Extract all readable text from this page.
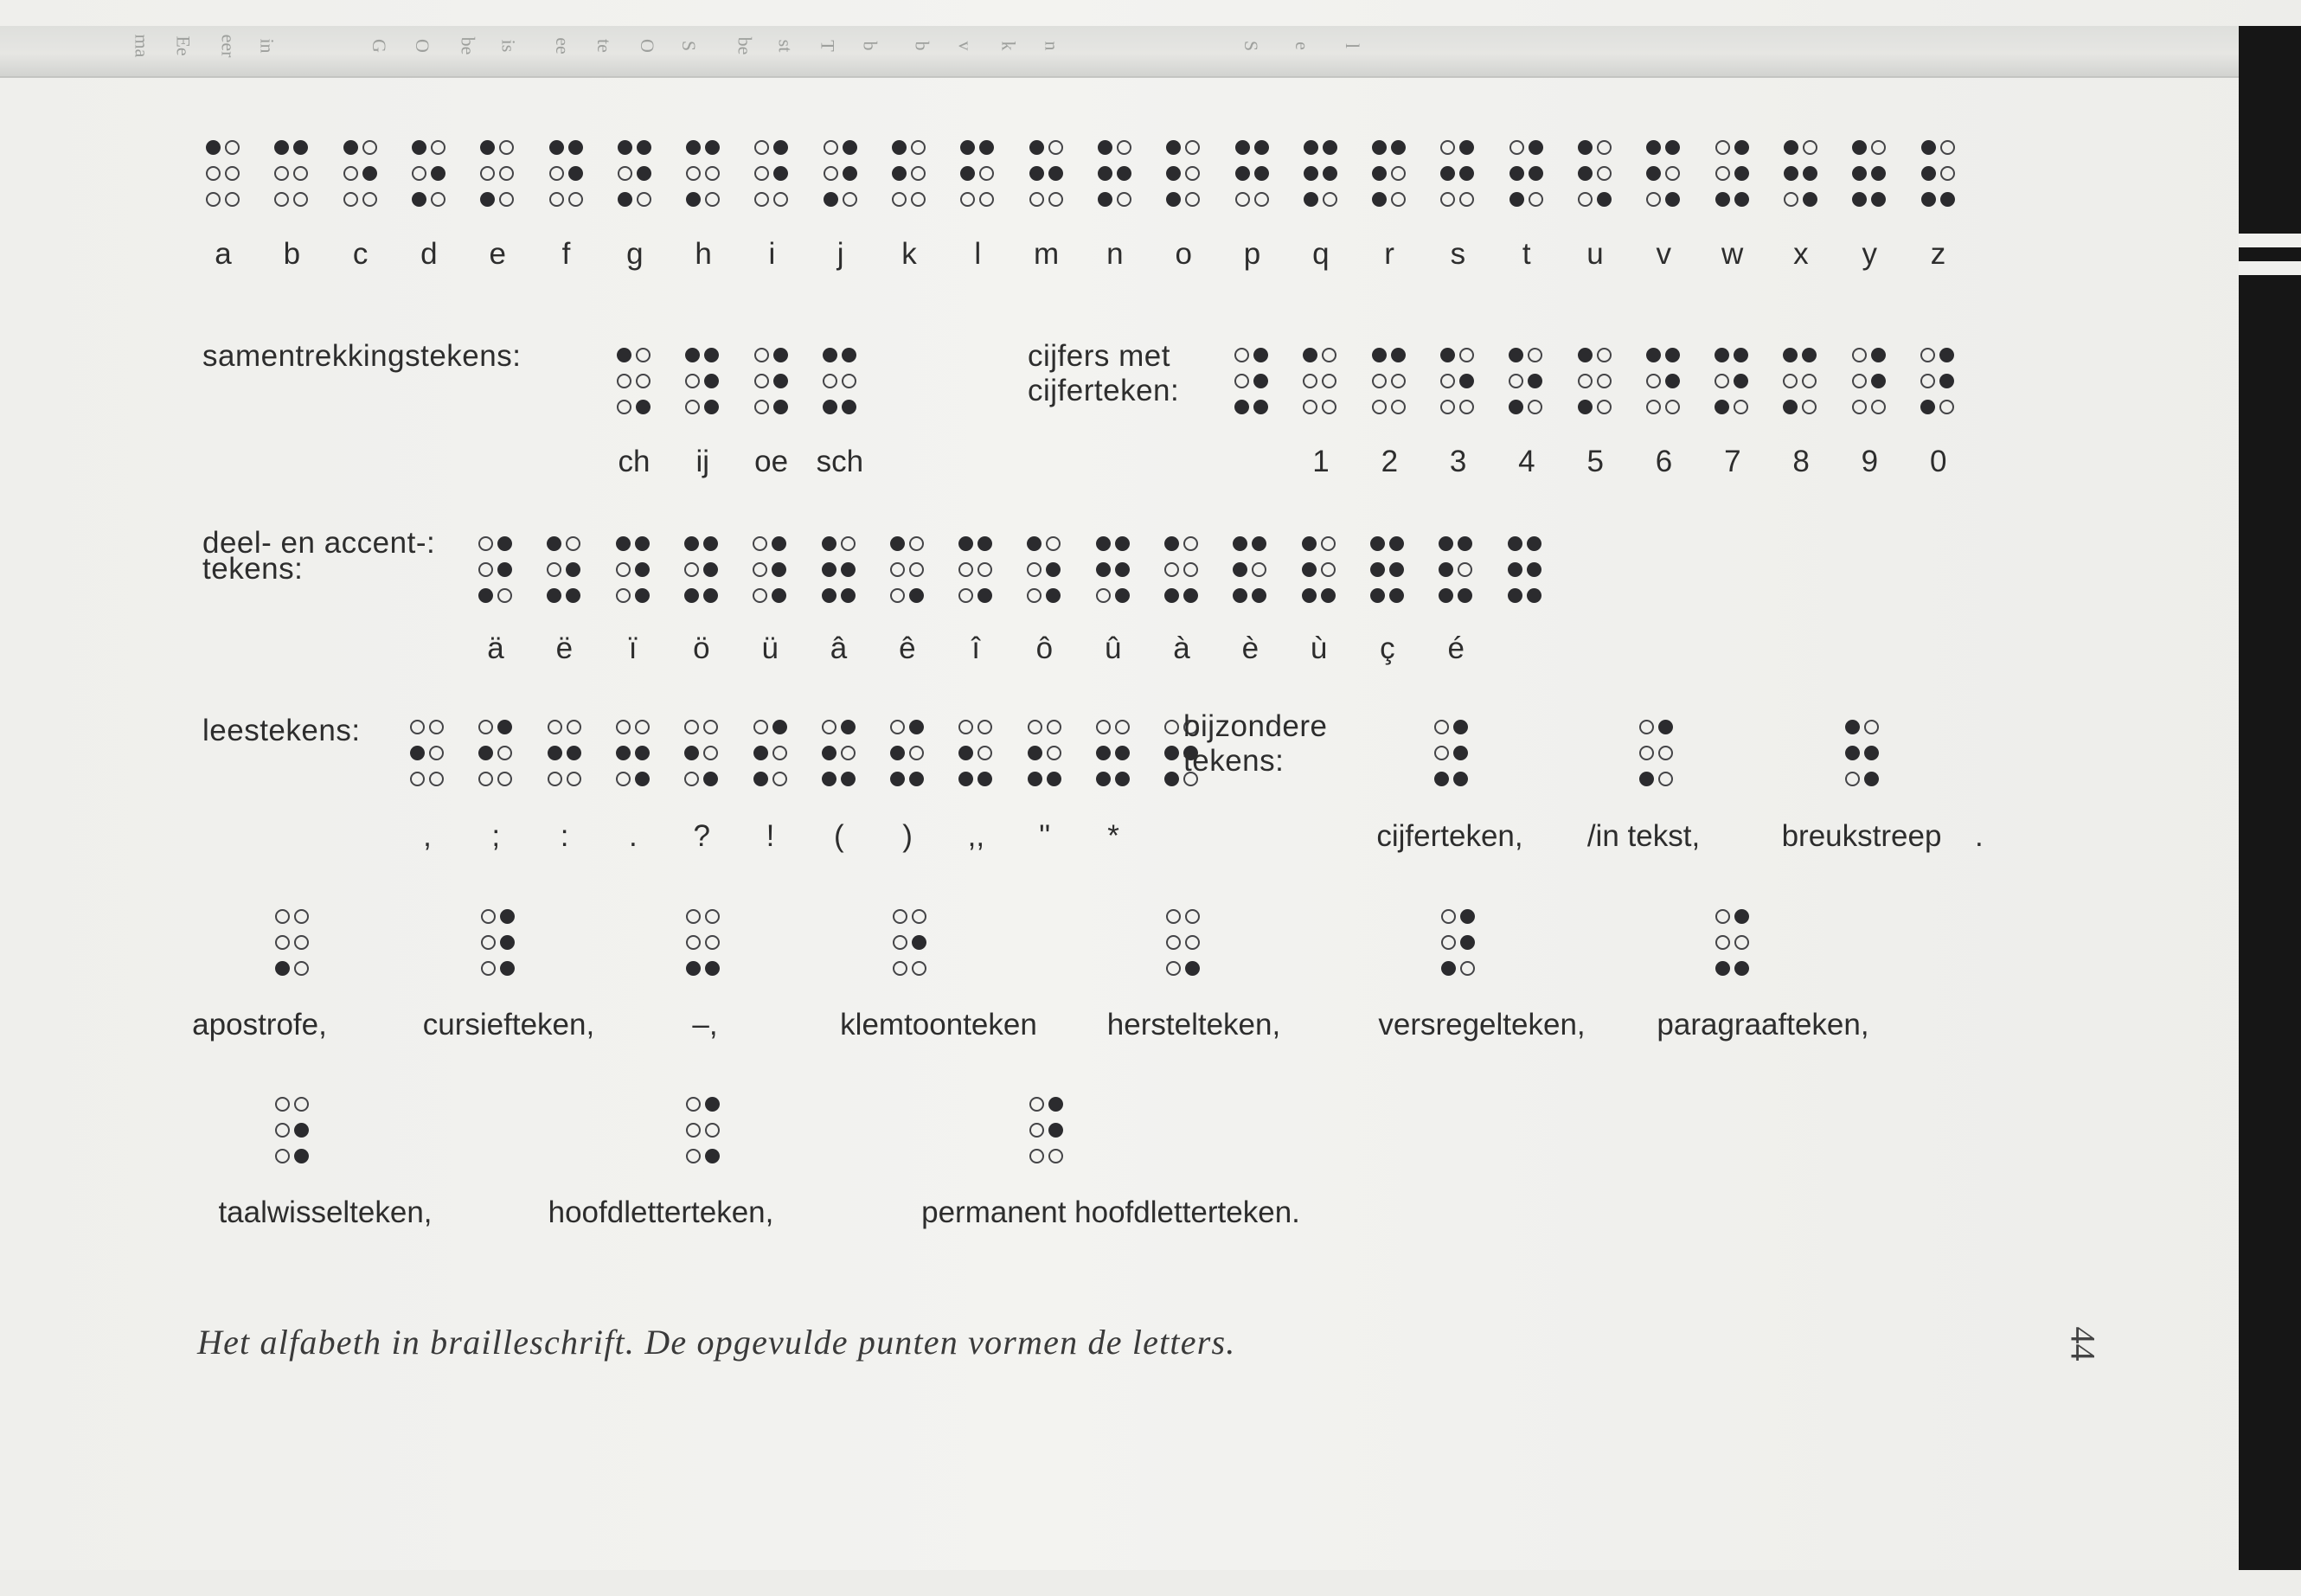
ma Ee eer in	G O be is ee te O S be st T b b v k n	S e l
a b c d e f g h i j k l m n o p q r s t u v w x y z
samentrekkingstekens:
ch ij oe sch
cijfers met
cijferteken:
1 2 3 4 5 6 7 8 9 0
deel- en accent-:
tekens:
ä ë ï ö ü â ê î ô û à è ù ç é
leestekens:
, ; : . ? ! ( ) ,, '' *
bijzondere
tekens:
cijferteken, /in tekst,	breukstreep .
apostrofe,	cursiefteken,	–,	klemtoonteken herstelteken,	versregelteken, paragraafteken,
taalwisselteken,	hoofdletterteken,	permanent hoofdletterteken.
Het alfabeth in brailleschrift. De opgevulde punten vormen de letters.	44
